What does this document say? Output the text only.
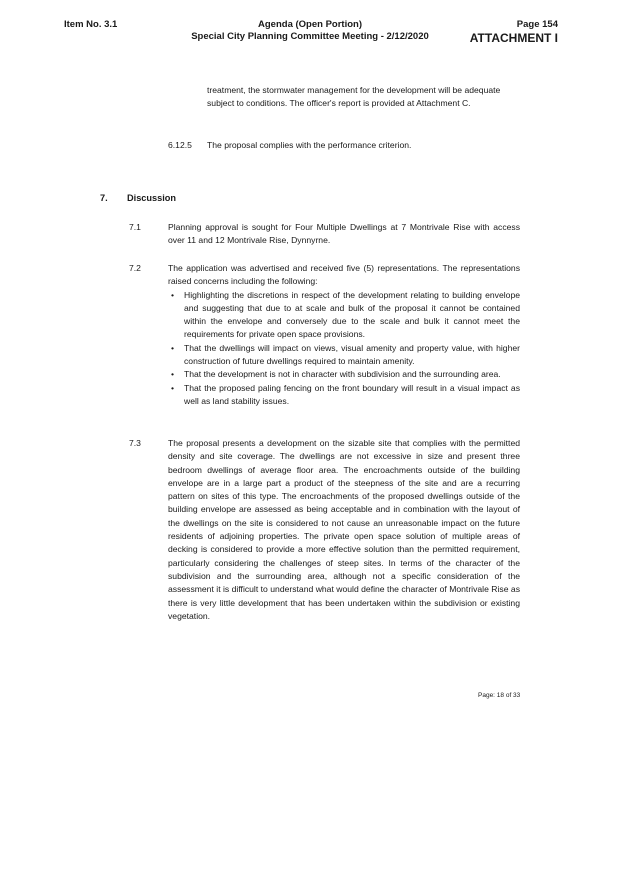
Item No. 3.1	Agenda (Open Portion)
Special City Planning Committee Meeting - 2/12/2020
Page 154
ATTACHMENT I
treatment, the stormwater management for the development will be adequate subject to conditions. The officer's report is provided at Attachment C.
6.12.5 The proposal complies with the performance criterion.
7. Discussion
7.1	Planning approval is sought for Four Multiple Dwellings at 7 Montrivale Rise with access over 11 and 12 Montrivale Rise, Dynnyrne.
7.2	The application was advertised and received five (5) representations. The representations raised concerns including the following:
• Highlighting the discretions in respect of the development relating to building envelope and suggesting that due to at scale and bulk of the proposal it cannot be contained within the envelope and conversely due to the scale and bulk it cannot meet the requirements for private open space provisions.
• That the dwellings will impact on views, visual amenity and property value, with higher construction of future dwellings required to maintain amenity.
• That the development is not in character with subdivision and the surrounding area.
• That the proposed paling fencing on the front boundary will result in a visual impact as well as land stability issues.
7.3	The proposal presents a development on the sizable site that complies with the permitted density and site coverage. The dwellings are not excessive in size and present three bedroom dwellings of average floor area. The encroachments outside of the building envelope are in a large part a product of the steepness of the site and are a recurring pattern on sites of this type. The encroachments of the proposed dwellings outside of the building envelope are assessed as being acceptable and in combination with the layout of the dwellings on the site is considered to not cause an unreasonable impact on the future residents of adjoining properties. The private open space solution of multiple areas of decking is considered to provide a more effective solution than the permitted requirement, particularly considering the challenges of steep sites. In terms of the character of the subdivision and the surrounding area, although not a specific consideration of the assessment it is difficult to understand what would define the character of Montrivale Rise as there is very little development that has been undertaken within the subdivision or existing vegetation.
Page: 18 of 33
